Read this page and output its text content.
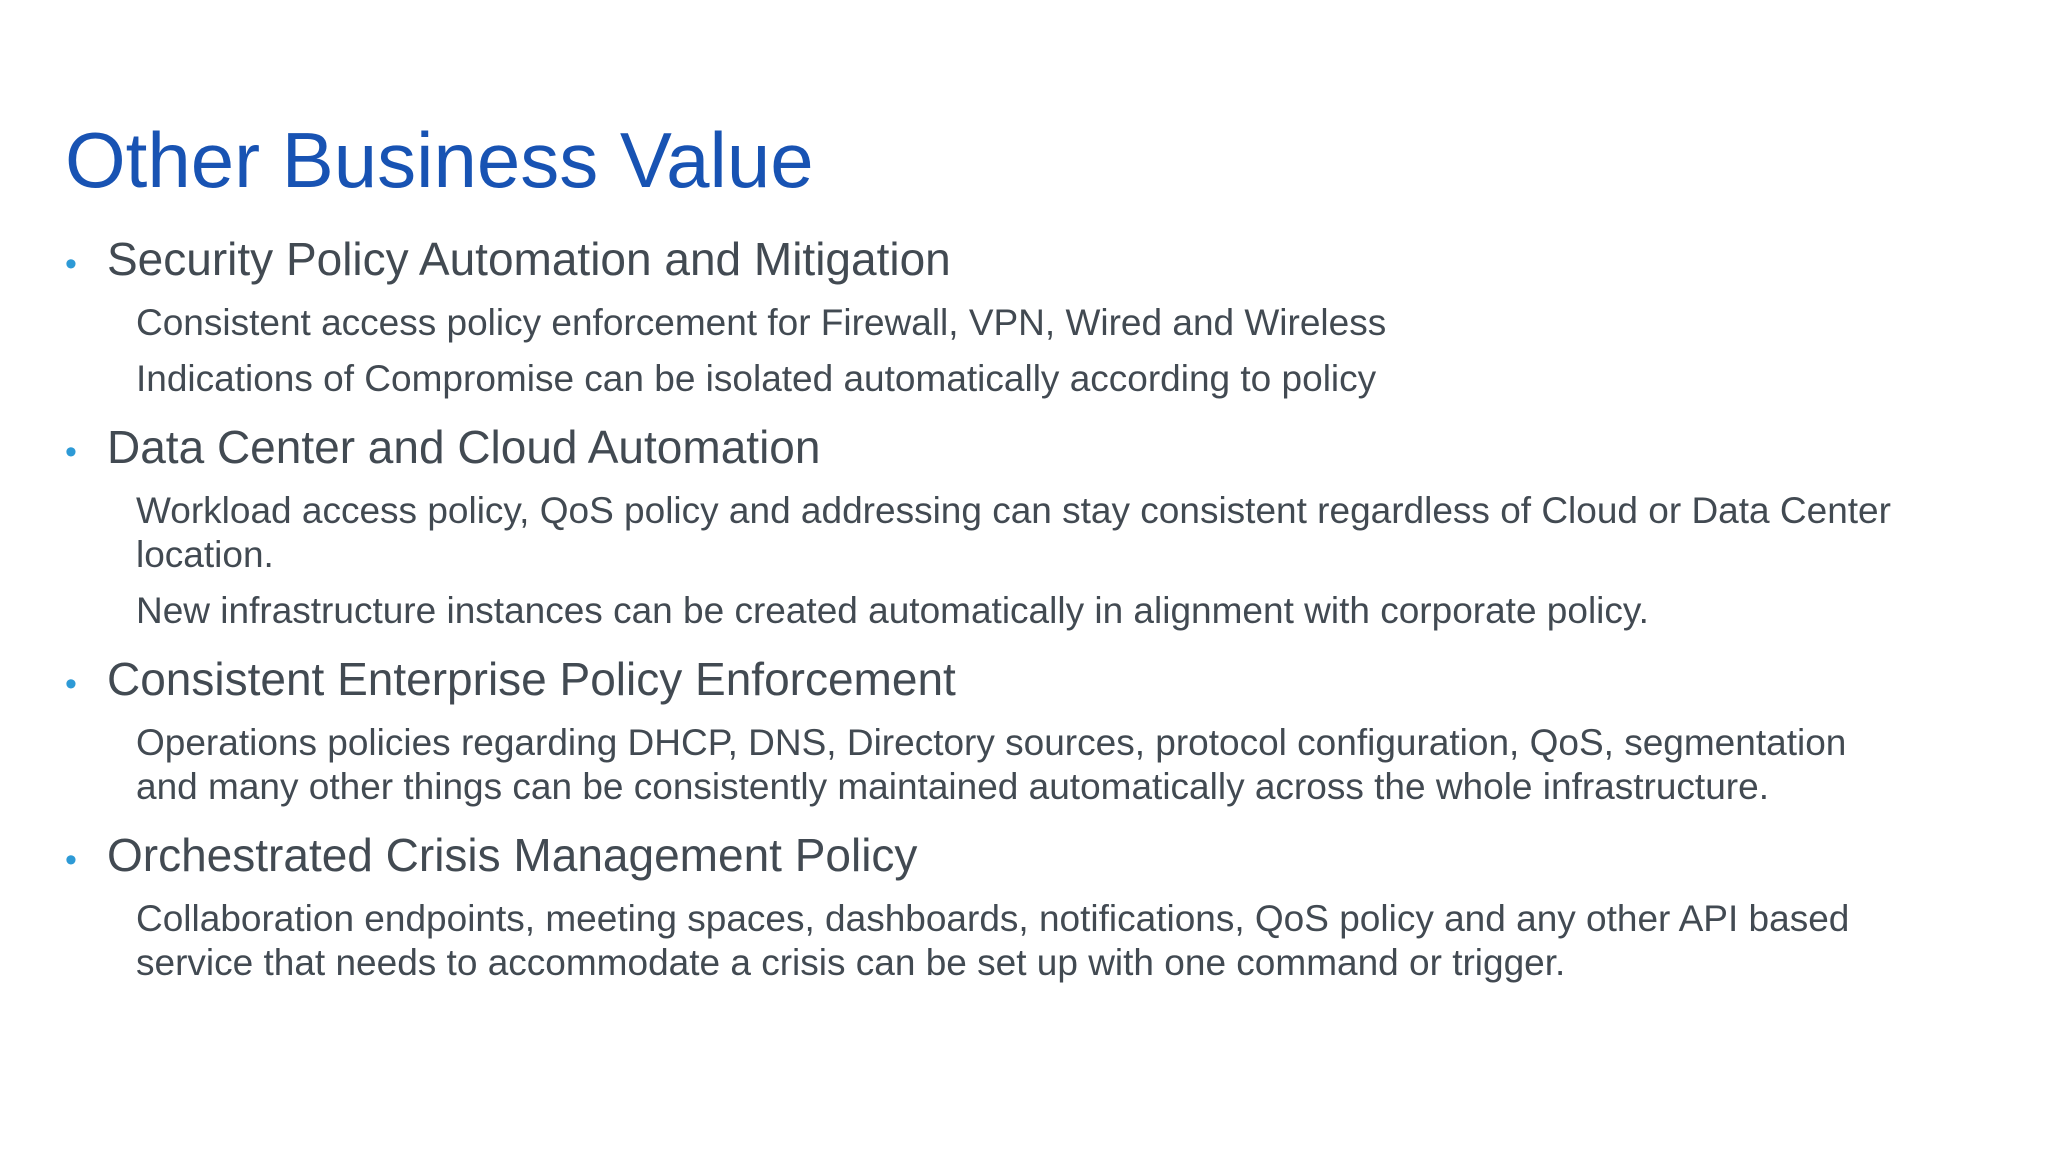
Other Business Value
• Security Policy Automation and Mitigation
Consistent access policy enforcement for Firewall, VPN, Wired and Wireless
Indications of Compromise can be isolated automatically according to policy
• Data Center and Cloud Automation
Workload access policy, QoS policy and addressing can stay consistent regardless of Cloud or Data Center location.
New infrastructure instances can be created automatically in alignment with corporate policy.
• Consistent Enterprise Policy Enforcement
Operations policies regarding DHCP, DNS, Directory sources, protocol configuration, QoS, segmentation and many other things can be consistently maintained automatically across the whole infrastructure.
• Orchestrated Crisis Management Policy
Collaboration endpoints, meeting spaces, dashboards, notifications, QoS policy and any other API based service that needs to accommodate a crisis can be set up with one command or trigger.
